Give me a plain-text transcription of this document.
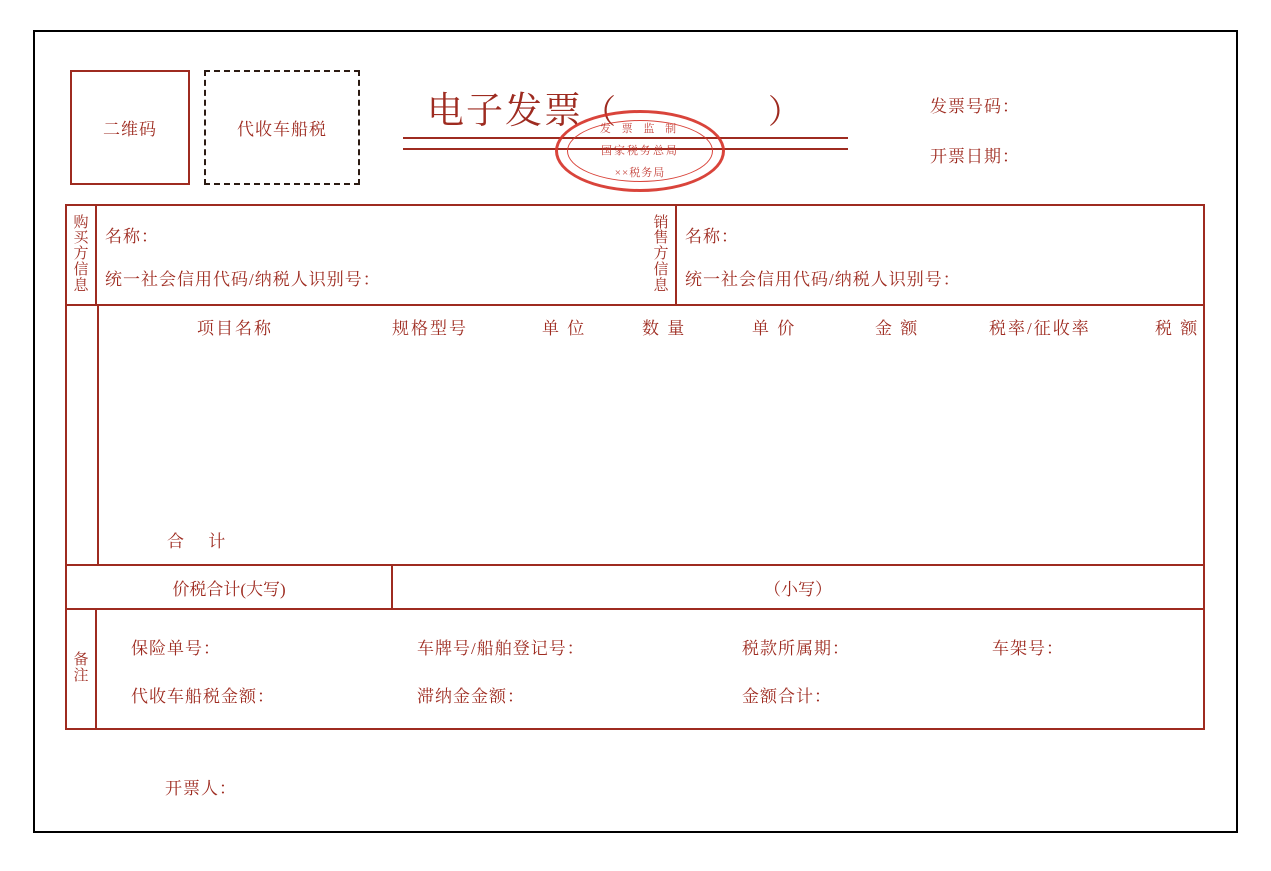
二维码	代收车船税	电子发票（	）
发 票 监 制
国家税务总局
××税务局
发票号码：
开票日期：
购买方信息
名称：
统一社会信用代码/纳税人识别号：
销售方信息
名称：
统一社会信用代码/纳税人识别号：
项目名称	规格型号	单 位	数 量	单 价	金 额	税率/征收率	税 额
合 计
价税合计(大写)	（小写）
备注
保险单号：	车牌号/船舶登记号：	税款所属期：	车架号：
代收车船税金额：	滞纳金金额：	金额合计：
开票人：
